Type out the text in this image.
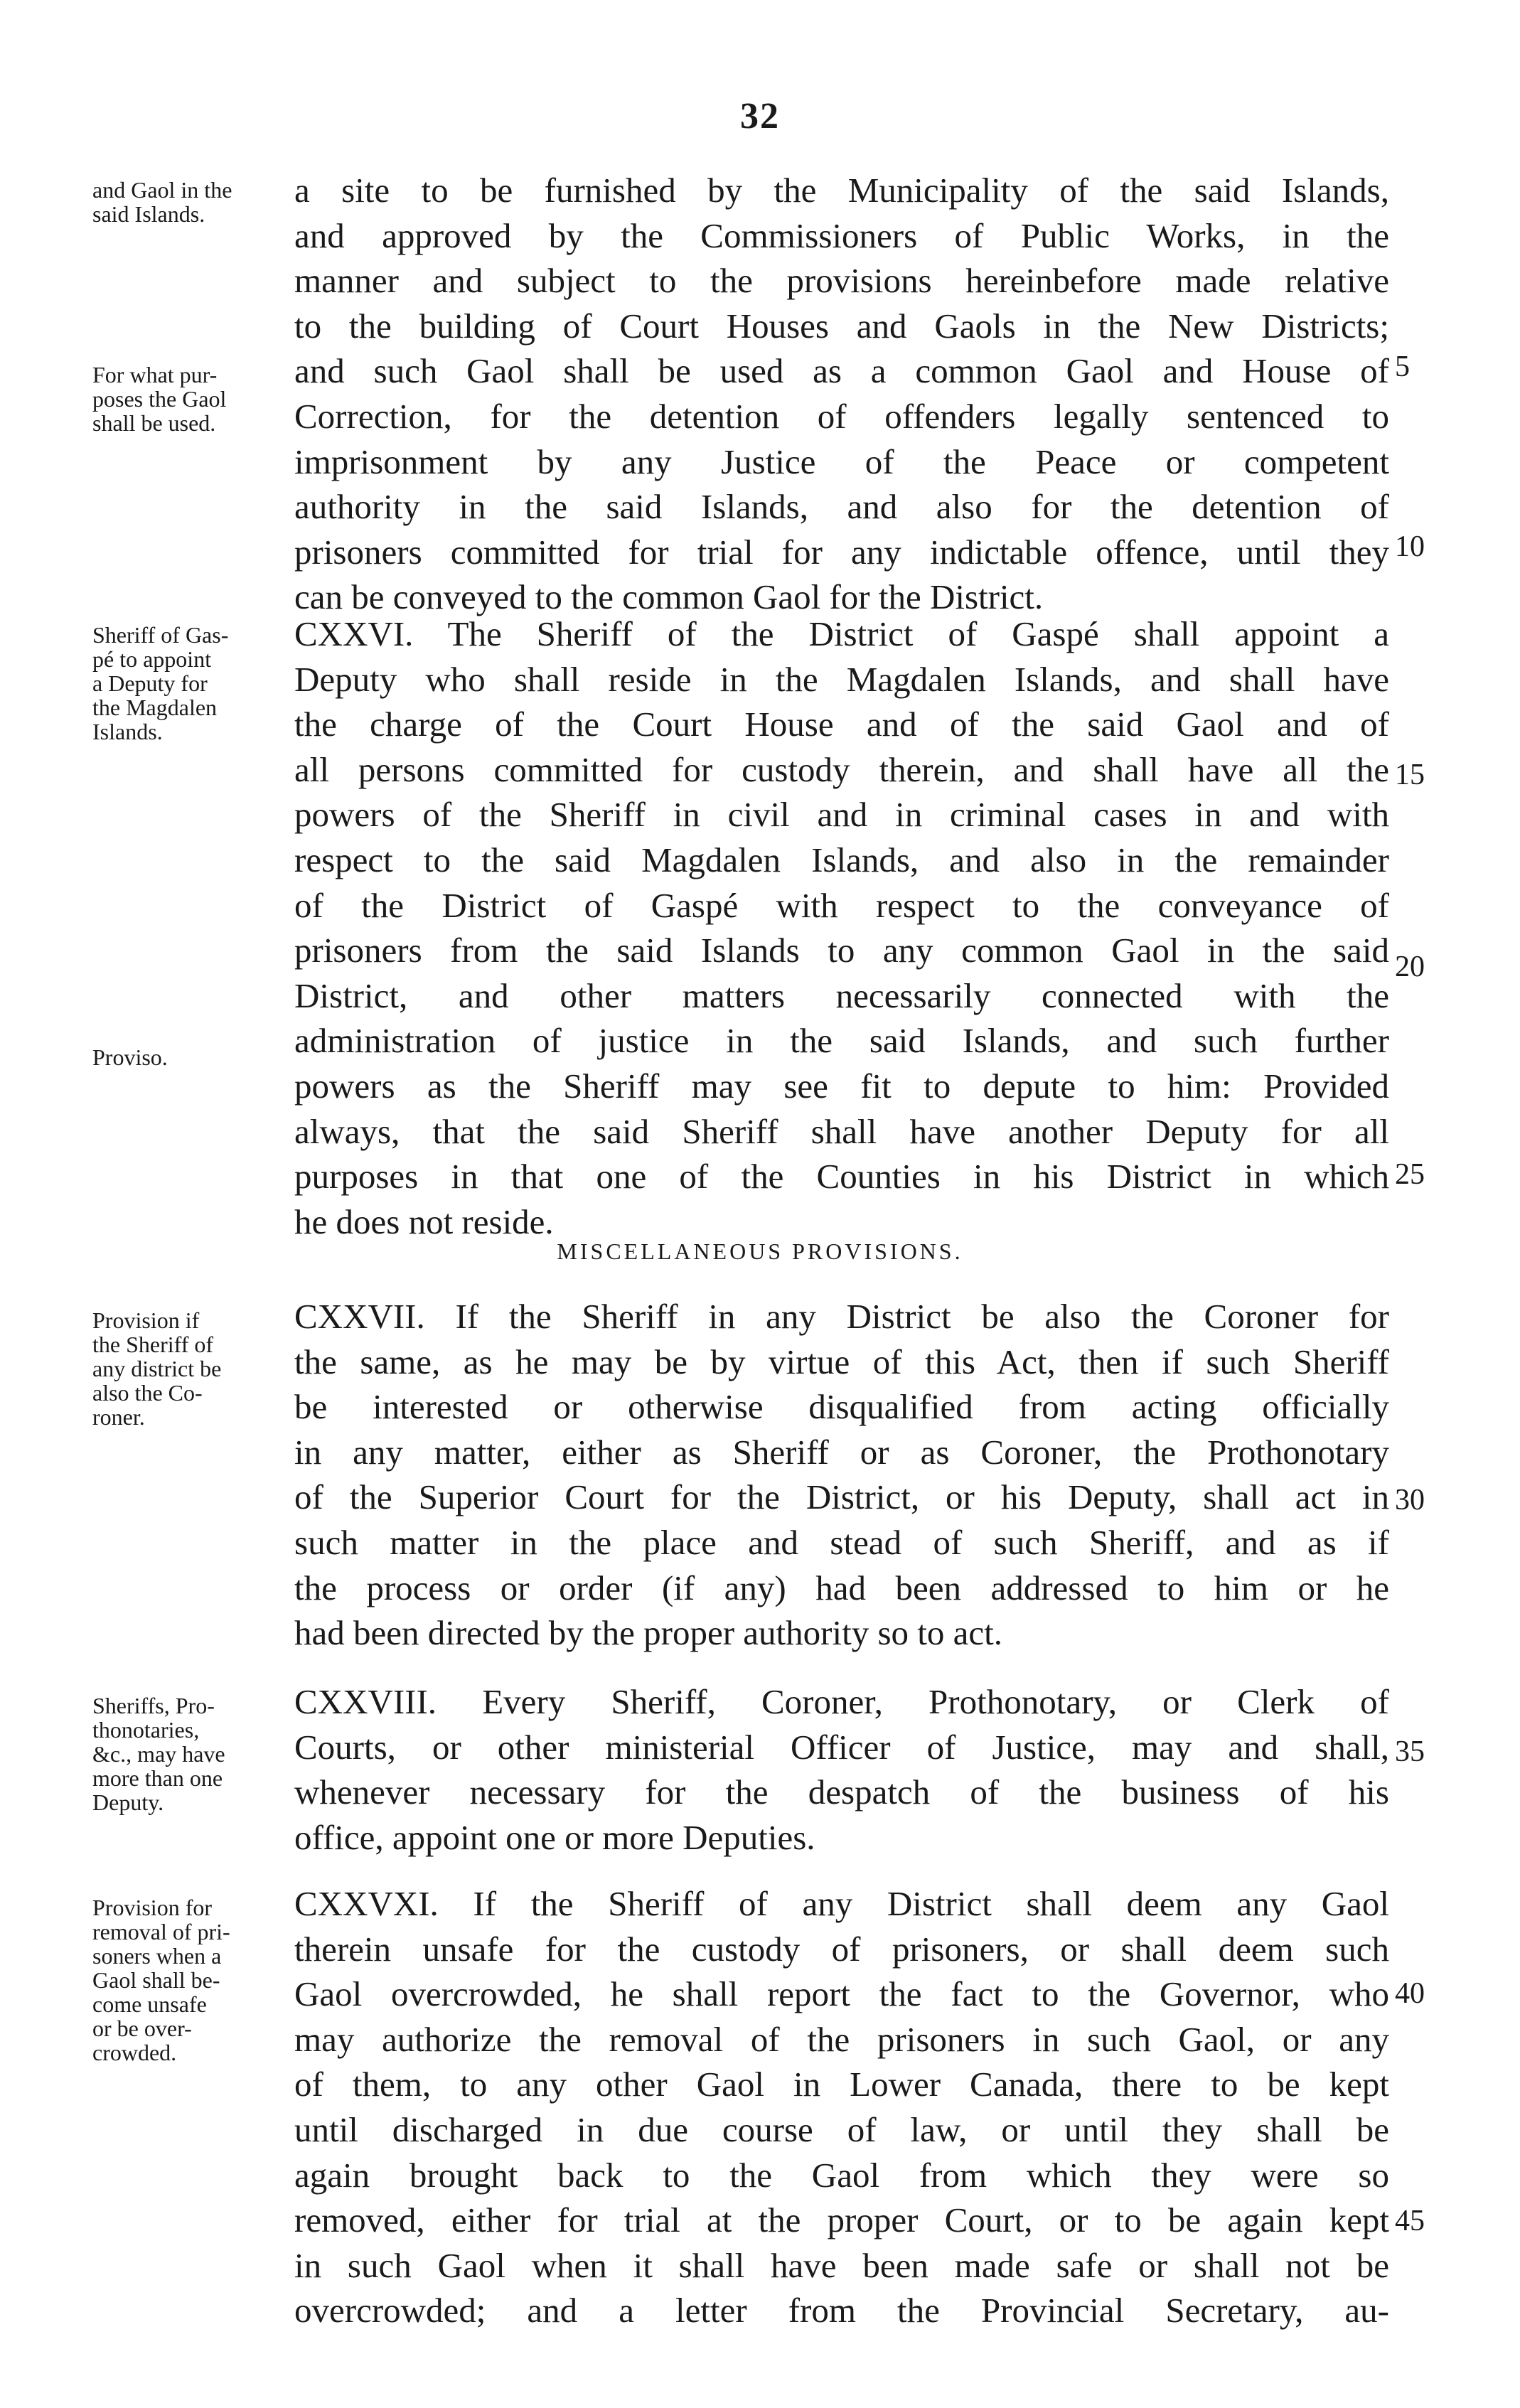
32
and Gaol in the
said Islands.
For what pur-
poses the Gaol
shall be used.
a site to be furnished by the Municipality of the said Islands,
and approved by the Commissioners of Public Works, in the
manner and subject to the provisions hereinbefore made relative
to the building of Court Houses and Gaols in the New Districts;
and such Gaol shall be used as a common Gaol and House of
Correction, for the detention of offenders legally sentenced to
imprisonment by any Justice of the Peace or competent
authority in the said Islands, and also for the detention of
prisoners committed for trial for any indictable offence, until they
can be conveyed to the common Gaol for the District.
5
10
Sheriff of Gas-
pé to appoint
a Deputy for
the Magdalen
Islands.
Proviso.
CXXVI. The Sheriff of the District of Gaspé shall appoint a
Deputy who shall reside in the Magdalen Islands, and shall have
the charge of the Court House and of the said Gaol and of
all persons committed for custody therein, and shall have all the
powers of the Sheriff in civil and in criminal cases in and with
respect to the said Magdalen Islands, and also in the remainder
of the District of Gaspé with respect to the conveyance of
prisoners from the said Islands to any common Gaol in the said
District, and other matters necessarily connected with the
administration of justice in the said Islands, and such further
powers as the Sheriff may see fit to depute to him: Provided
always, that the said Sheriff shall have another Deputy for all
purposes in that one of the Counties in his District in which
he does not reside.
15
20
25
MISCELLANEOUS PROVISIONS.
Provision if
the Sheriff of
any district be
also the Co-
roner.
CXXVII. If the Sheriff in any District be also the Coroner for
the same, as he may be by virtue of this Act, then if such Sheriff
be interested or otherwise disqualified from acting officially
in any matter, either as Sheriff or as Coroner, the Prothonotary
of the Superior Court for the District, or his Deputy, shall act in
such matter in the place and stead of such Sheriff, and as if
the process or order (if any) had been addressed to him or he
had been directed by the proper authority so to act.
30
Sheriffs, Pro-
thonotaries,
&c., may have
more than one
Deputy.
CXXVIII. Every Sheriff, Coroner, Prothonotary, or Clerk of
Courts, or other ministerial Officer of Justice, may and shall,
whenever necessary for the despatch of the business of his
office, appoint one or more Deputies.
35
Provision for
removal of pri-
soners when a
Gaol shall be-
come unsafe
or be over-
crowded.
CXXVXI. If the Sheriff of any District shall deem any Gaol
therein unsafe for the custody of prisoners, or shall deem such
Gaol overcrowded, he shall report the fact to the Governor, who
may authorize the removal of the prisoners in such Gaol, or any
of them, to any other Gaol in Lower Canada, there to be kept
until discharged in due course of law, or until they shall be
again brought back to the Gaol from which they were so
removed, either for trial at the proper Court, or to be again kept
in such Gaol when it shall have been made safe or shall not be
overcrowded; and a letter from the Provincial Secretary, au-
40
45
